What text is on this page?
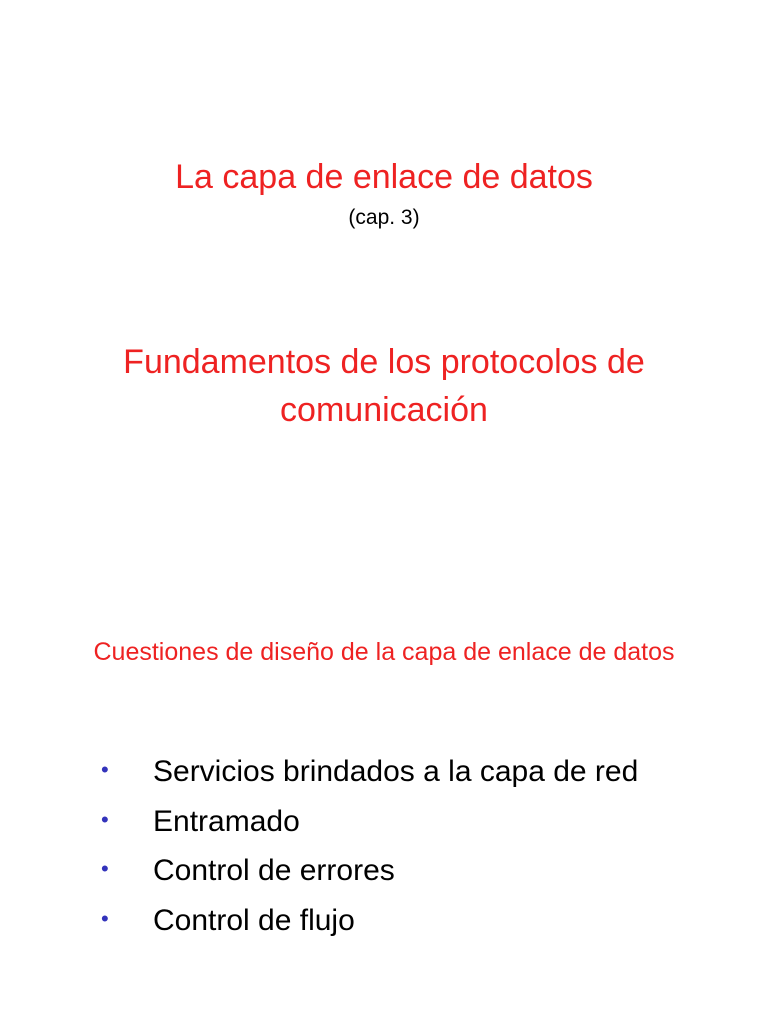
La capa de enlace de datos
(cap. 3)
Fundamentos de los protocolos de
comunicación
Cuestiones de diseño de la capa de enlace de datos
•	Servicios brindados a la capa de red
•	Entramado
•	Control de errores
•	Control de flujo
